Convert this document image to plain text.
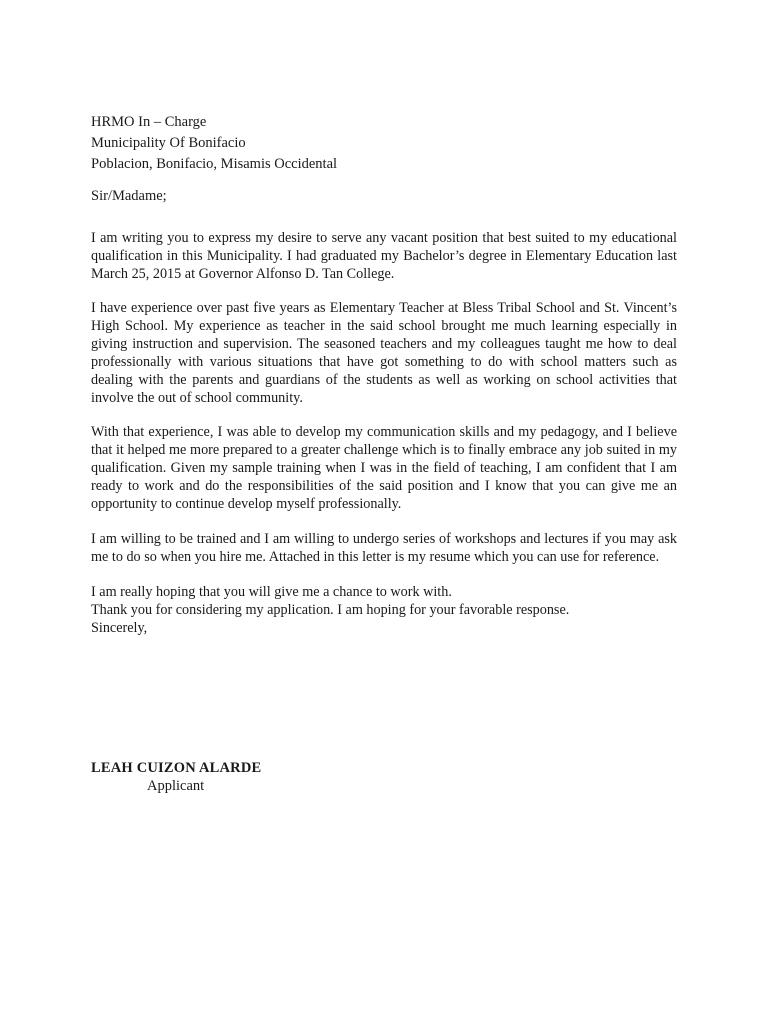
HRMO In – Charge
Municipality Of Bonifacio
Poblacion, Bonifacio, Misamis Occidental
Sir/Madame;

I am writing you to express my desire to serve any vacant position that best suited to my educational qualification in this Municipality. I had graduated my Bachelor’s degree in Elementary Education last March 25, 2015 at Governor Alfonso D. Tan College.

I have experience over past five years as Elementary Teacher at Bless Tribal School and St. Vincent’s High School. My experience as teacher in the said school brought me much learning especially in giving instruction and supervision. The seasoned teachers and my colleagues taught me how to deal professionally with various situations that have got something to do with school matters such as dealing with the parents and guardians of the students as well as working on school activities that involve the out of school community.

With that experience, I was able to develop my communication skills and my pedagogy, and I believe that it helped me more prepared to a greater challenge which is to finally embrace any job suited in my qualification. Given my sample training when I was in the field of teaching, I am confident that I am ready to work and do the responsibilities of the said position and I know that you can give me an opportunity to continue develop myself professionally.

I am willing to be trained and I am willing to undergo series of workshops and lectures if you may ask me to do so when you hire me. Attached in this letter is my resume which you can use for reference.

I am really hoping that you will give me a chance to work with.
Thank you for considering my application. I am hoping for your favorable response.
Sincerely,
LEAH CUIZON ALARDE
Applicant
